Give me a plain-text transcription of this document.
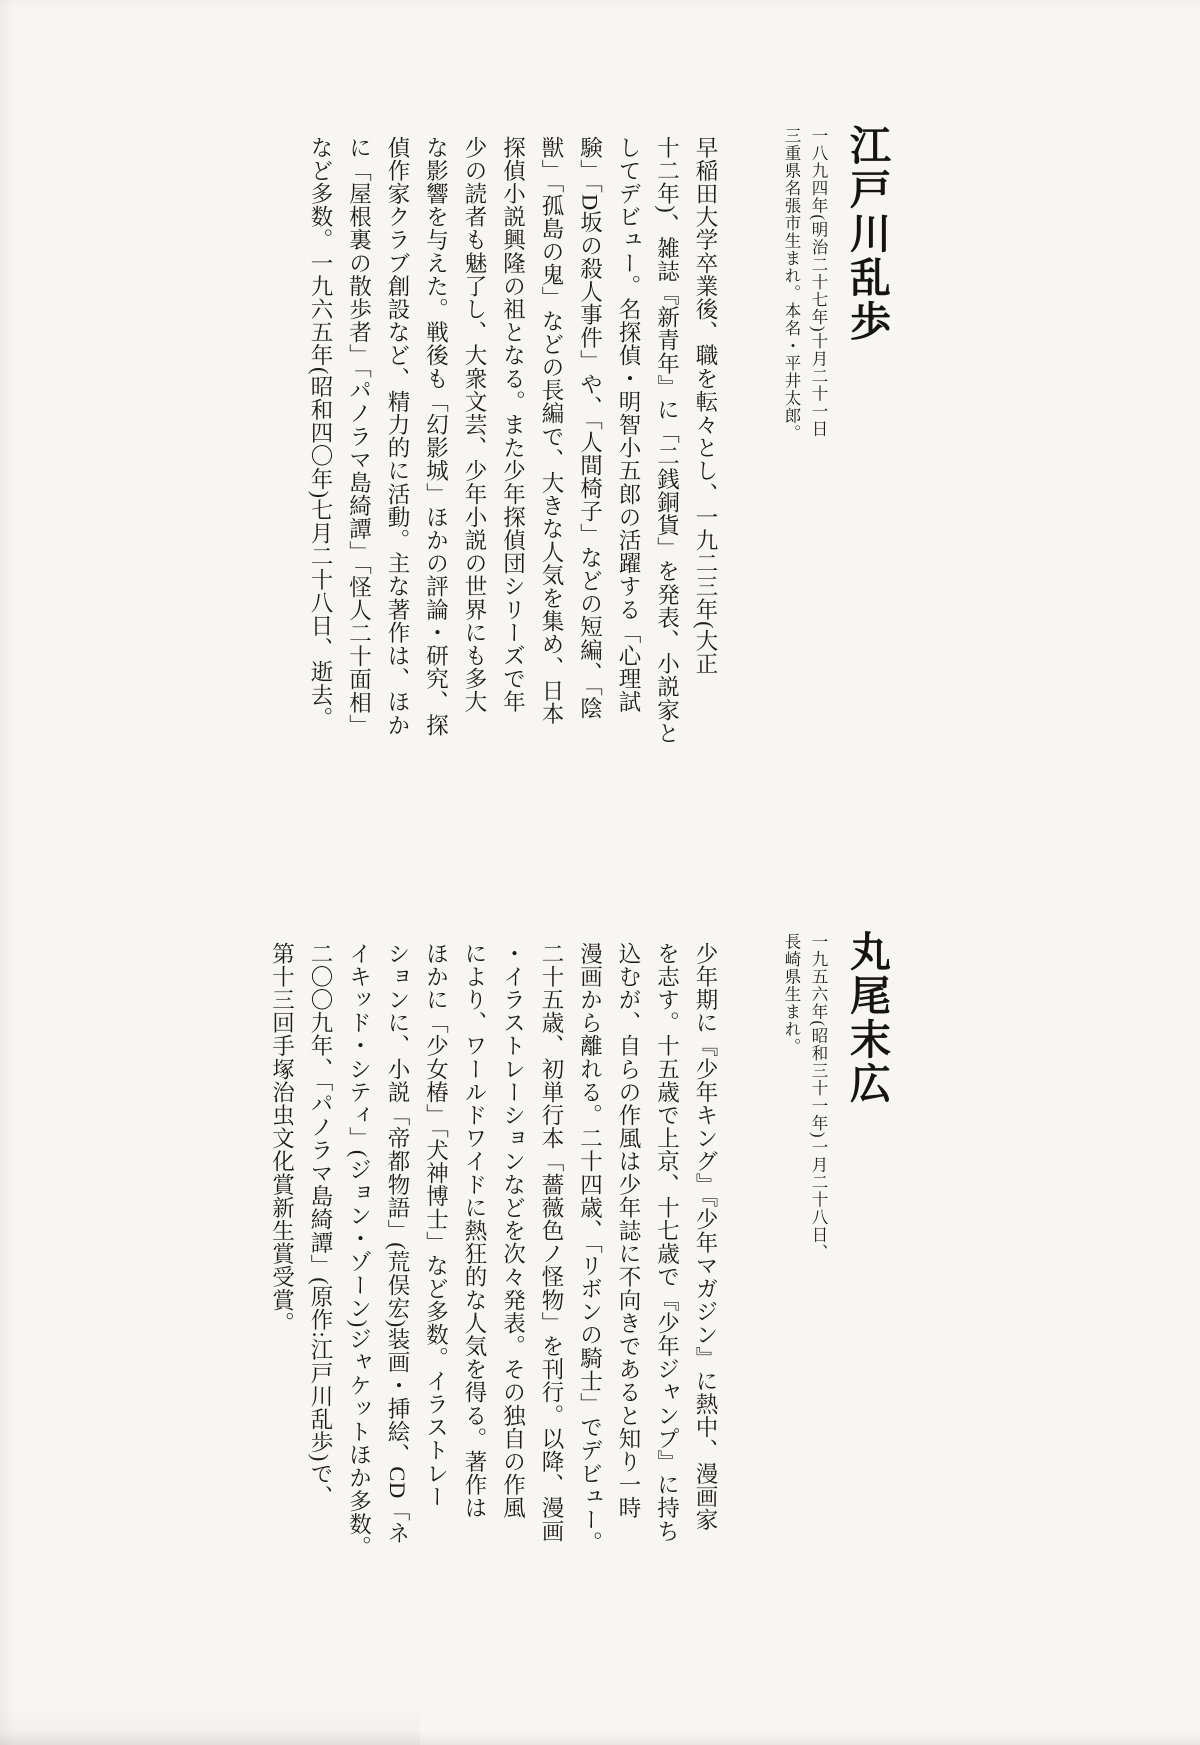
江戸川乱歩
一八九四年(明治二十七年)十月二十一日
三重県名張市生まれ。本名・平井太郎。
早稲田大学卒業後、職を転々とし、一九二三年(大正
十二年)、雑誌『新青年』に「二銭銅貨」を発表、小説家と
してデビュー。名探偵・明智小五郎の活躍する「心理試
験」「D坂の殺人事件」や、「人間椅子」などの短編、「陰
獣」「孤島の鬼」などの長編で、大きな人気を集め、日本
探偵小説興隆の祖となる。また少年探偵団シリーズで年
少の読者も魅了し、大衆文芸、少年小説の世界にも多大
な影響を与えた。戦後も「幻影城」ほかの評論・研究、探
偵作家クラブ創設など、精力的に活動。主な著作は、ほか
に「屋根裏の散歩者」「パノラマ島綺譚」「怪人二十面相」
など多数。一九六五年(昭和四〇年)七月二十八日、逝去。
丸尾末広
一九五六年(昭和三十一年)一月二十八日、
長崎県生まれ。
少年期に『少年キング』『少年マガジン』に熱中、漫画家
を志す。十五歳で上京、十七歳で『少年ジャンプ』に持ち
込むが、自らの作風は少年誌に不向きであると知り一時
漫画から離れる。二十四歳、「リボンの騎士」でデビュー。
二十五歳、初単行本「薔薇色ノ怪物」を刊行。以降、漫画
・イラストレーションなどを次々発表。その独自の作風
により、ワールドワイドに熱狂的な人気を得る。著作は
ほかに「少女椿」「犬神博士」など多数。イラストレー
ションに、小説「帝都物語」(荒俣宏)装画・挿絵、CD「ネ
イキッド・シティ」(ジョン・ゾーン)ジャケットほか多数。
二〇〇九年、「パノラマ島綺譚」(原作:江戸川乱歩)で、
第十三回手塚治虫文化賞新生賞受賞。
